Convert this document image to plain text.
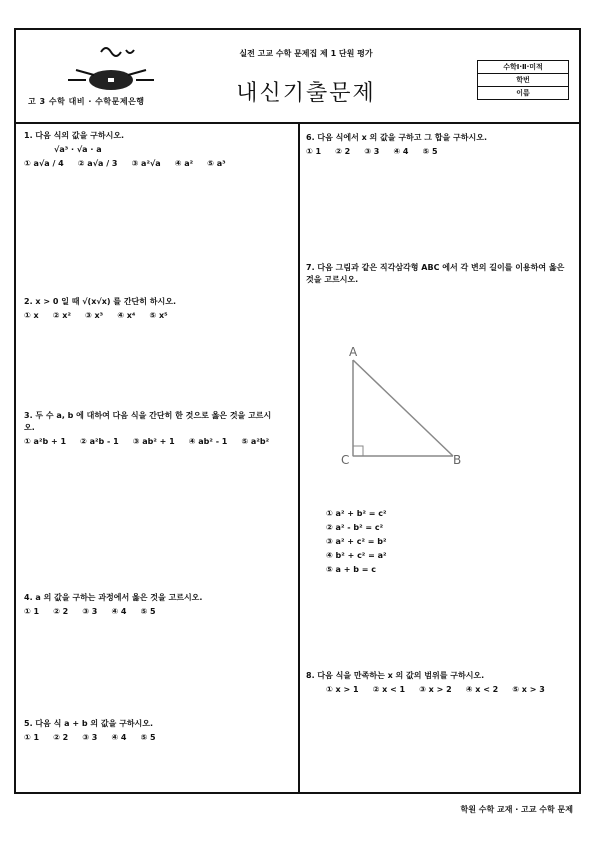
고 3 수학 대비 · 수학문제은행
실전 고교 수학 문제집 제 1 단원 평가
내신기출문제
수학Ⅰ·Ⅱ·미적
학번
이름
1. 다음 식의 값을 구하시오.
√a³ · √a · a
① a√a / 4 ② a√a / 3 ③ a²√a ④ a² ⑤ a³
2. x > 0 일 때 √(x√x) 를 간단히 하시오.
① x ② x² ③ x³ ④ x⁴ ⑤ x⁵
3. 두 수 a, b 에 대하여 다음 식을 간단히 한 것으로 옳은 것을 고르시오.
① a²b + 1 ② a²b - 1 ③ ab² + 1 ④ ab² - 1 ⑤ a²b²
4. a 의 값을 구하는 과정에서 옳은 것을 고르시오.
① 1 ② 2 ③ 3 ④ 4 ⑤ 5
5. 다음 식 a + b 의 값을 구하시오.
① 1 ② 2 ③ 3 ④ 4 ⑤ 5
6. 다음 식에서 x 의 값을 구하고 그 합을 구하시오.
① 1 ② 2 ③ 3 ④ 4 ⑤ 5
7. 다음 그림과 같은 직각삼각형 ABC 에서 각 변의 길이를 이용하여 옳은 것을 고르시오.
A
C	B
① a² + b² = c²
② a² - b² = c²
③ a² + c² = b²
④ b² + c² = a²
⑤ a + b = c
8. 다음 식을 만족하는 x 의 값의 범위를 구하시오.
① x > 1 ② x < 1 ③ x > 2 ④ x < 2 ⑤ x > 3
학원 수학 교재 · 고교 수학 문제
